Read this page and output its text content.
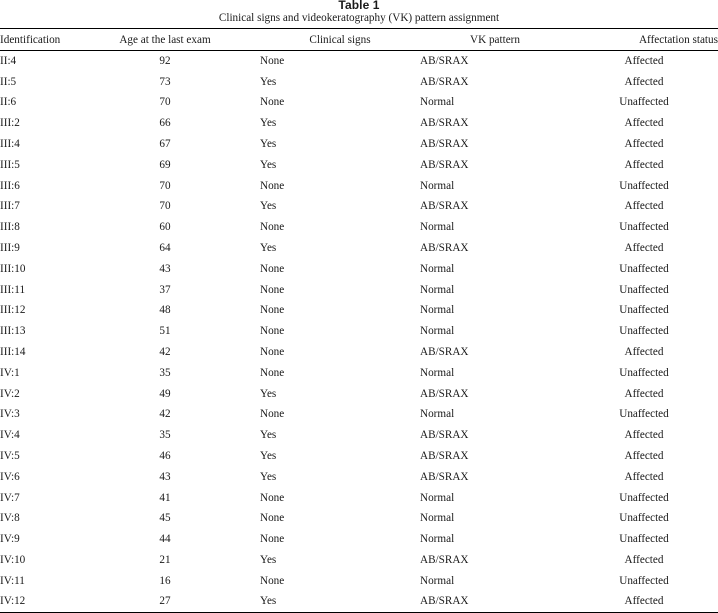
Table 1
Clinical signs and videokeratography (VK) pattern assignment
Identification	Age at the last exam	Clinical signs	VK pattern	Affectation status
II:4	92	None	AB/SRAX	Affected
II:5	73	Yes	AB/SRAX	Affected
II:6	70	None	Normal	Unaffected
III:2	66	Yes	AB/SRAX	Affected
III:4	67	Yes	AB/SRAX	Affected
III:5	69	Yes	AB/SRAX	Affected
III:6	70	None	Normal	Unaffected
III:7	70	Yes	AB/SRAX	Affected
III:8	60	None	Normal	Unaffected
III:9	64	Yes	AB/SRAX	Affected
III:10	43	None	Normal	Unaffected
III:11	37	None	Normal	Unaffected
III:12	48	None	Normal	Unaffected
III:13	51	None	Normal	Unaffected
III:14	42	None	AB/SRAX	Affected
IV:1	35	None	Normal	Unaffected
IV:2	49	Yes	AB/SRAX	Affected
IV:3	42	None	Normal	Unaffected
IV:4	35	Yes	AB/SRAX	Affected
IV:5	46	Yes	AB/SRAX	Affected
IV:6	43	Yes	AB/SRAX	Affected
IV:7	41	None	Normal	Unaffected
IV:8	45	None	Normal	Unaffected
IV:9	44	None	Normal	Unaffected
IV:10	21	Yes	AB/SRAX	Affected
IV:11	16	None	Normal	Unaffected
IV:12	27	Yes	AB/SRAX	Affected
